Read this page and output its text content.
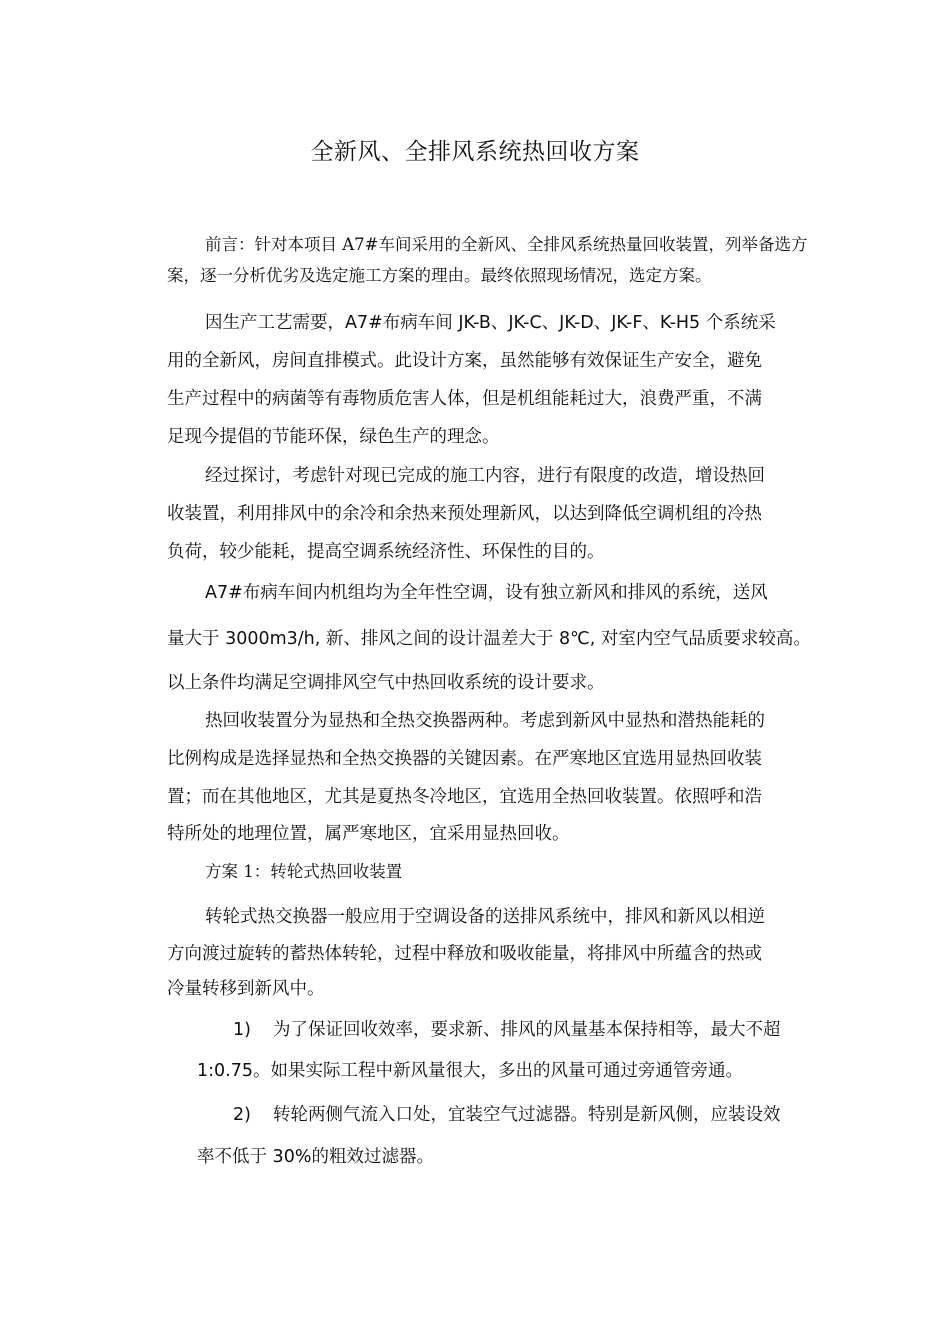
全新风、全排风系统热回收方案
前言：针对本项目 A7#车间采用的全新风、全排风系统热量回收装置，列举备选方
案，逐一分析优劣及选定施工方案的理由。最终依照现场情况，选定方案。
因生产工艺需要，A7#布病车间 JK-B、JK-C、JK-D、JK-F、K-H5 个系统采
用的全新风，房间直排模式。此设计方案，虽然能够有效保证生产安全，避免
生产过程中的病菌等有毒物质危害人体，但是机组能耗过大，浪费严重，不满
足现今提倡的节能环保，绿色生产的理念。
经过探讨，考虑针对现已完成的施工内容，进行有限度的改造，增设热回
收装置，利用排风中的余冷和余热来预处理新风，以达到降低空调机组的冷热
负荷，较少能耗，提高空调系统经济性、环保性的目的。
A7#布病车间内机组均为全年性空调，设有独立新风和排风的系统，送风
量大于 3000m3/h, 新、排风之间的设计温差大于 8℃, 对室内空气品质要求较高。
以上条件均满足空调排风空气中热回收系统的设计要求。
热回收装置分为显热和全热交换器两种。考虑到新风中显热和潜热能耗的
比例构成是选择显热和全热交换器的关键因素。在严寒地区宜选用显热回收装
置；而在其他地区，尤其是夏热冬冷地区，宜选用全热回收装置。依照呼和浩
特所处的地理位置，属严寒地区，宜采用显热回收。
方案 1：转轮式热回收装置
转轮式热交换器一般应用于空调设备的送排风系统中，排风和新风以相逆
方向渡过旋转的蓄热体转轮，过程中释放和吸收能量，将排风中所蕴含的热或
冷量转移到新风中。
1) 为了保证回收效率，要求新、排风的风量基本保持相等，最大不超
1:0.75。如果实际工程中新风量很大，多出的风量可通过旁通管旁通。
2) 转轮两侧气流入口处，宜装空气过滤器。特别是新风侧，应装设效
率不低于 30%的粗效过滤器。
